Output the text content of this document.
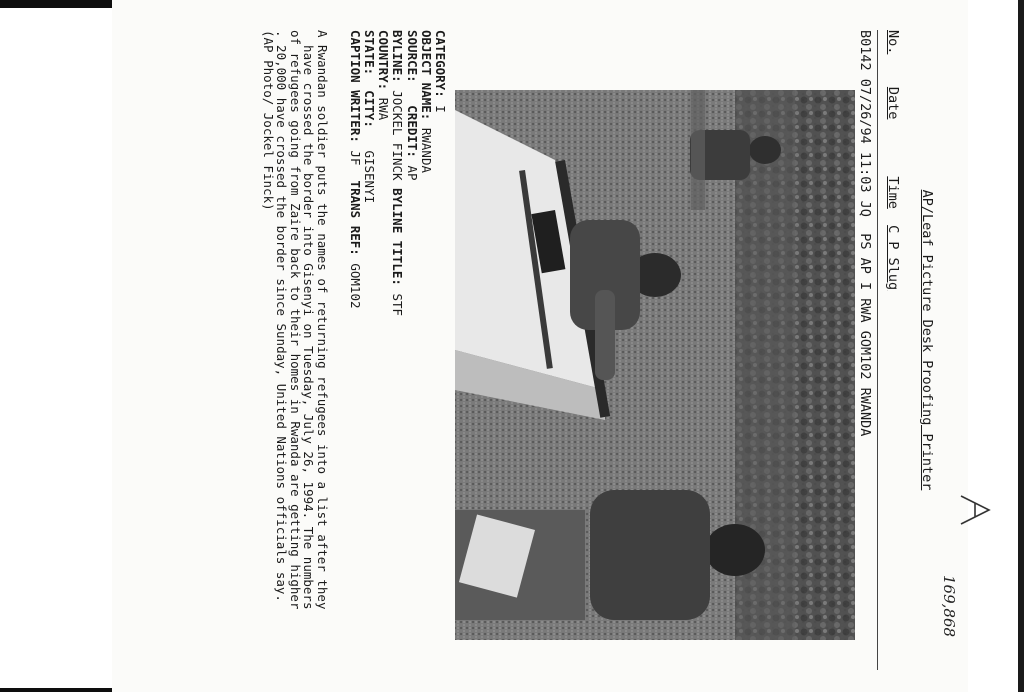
AP/Leaf Picture Desk Proofing Printer
No.    Date       Time  C P Slug
B0142 07/26/94 11:03 JQ  PS AP I RWA GOM102 RWANDA
CATEGORY: I
OBJECT NAME: RWANDA
SOURCE:   CREDIT: AP
BYLINE: JOCKEL FINCK BYLINE TITLE: STF
COUNTRY: RWA
STATE:  CITY:   GISENYI
CAPTION WRITER: JF  TRANS REF: GOM102
A Rwandan soldier puts the names of returning refugees into a list after they
have crossed the border into Gisenyi on Tuesday, July 26, 1994. The numbers
of refugees going from Zaire back to their homes in Rwanda are getting higher
. 20,000 have crossed the border since Sunday, United Nations officials say.
(AP Photo/ Jockel Finck)
169,868
